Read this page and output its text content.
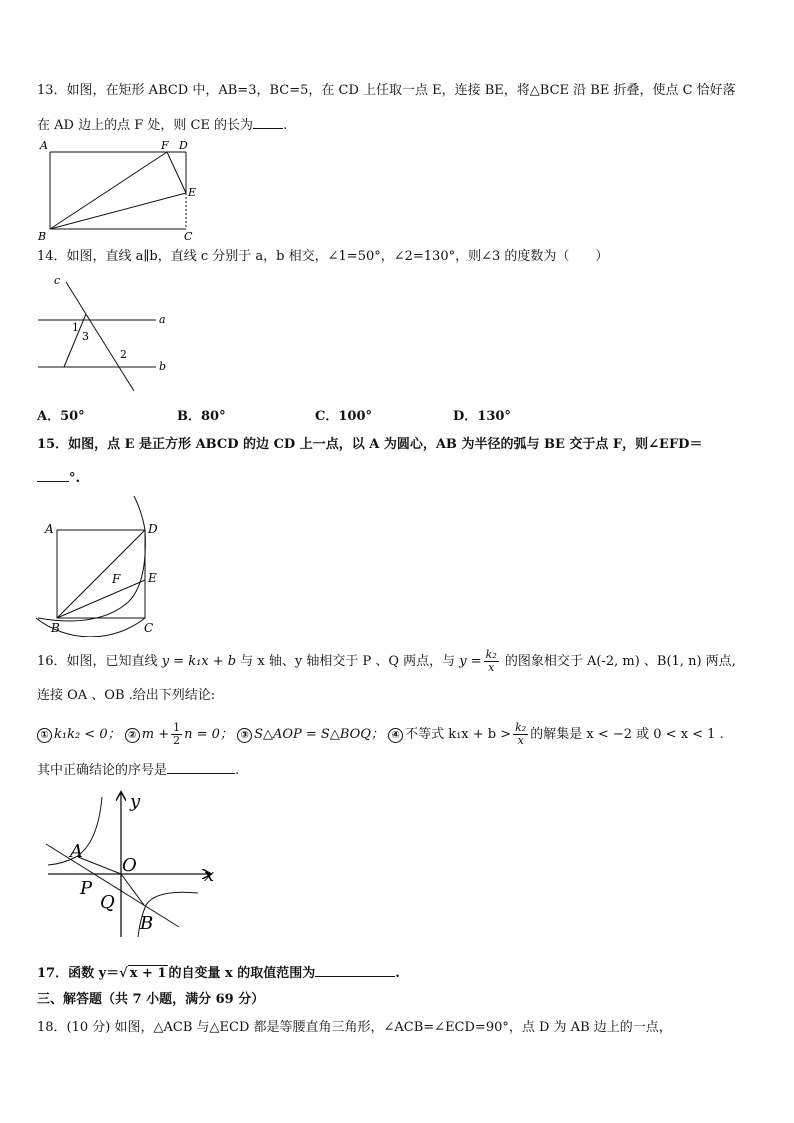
13．如图，在矩形 ABCD 中，AB=3，BC=5，在 CD 上任取一点 E，连接 BE，将△BCE 沿 BE 折叠，使点 C 恰好落
在 AD 边上的点 F 处，则 CE 的长为 .
A	F D
E
B	C
14．如图，直线 a∥b，直线 c 分别于 a，b 相交，∠1=50°，∠2=130°，则∠3 的度数为（　　）
c
a
b
1
3
2
A．50°	B．80°	C．100°	D．130°
15．如图，点 E 是正方形 ABCD 的边 CD 上一点，以 A 为圆心，AB 为半径的弧与 BE 交于点 F，则∠EFD＝
°.
A	D
E
F
B	C
16．如图，已知直线 y = k₁x + b 与 x 轴、y 轴相交于 P 、Q 两点，与 $y = \frac{\text{k₂}}{x}$ 的图象相交于 A(-2, m) 、B(1, n) 两点,
连接 OA 、OB .给出下列结论:
① k₁k₂ < 0； ② $m + \frac{1}{2}$ n = 0； ③ S△AOP = S△BOQ； ④ 不等式 $k_1x + b > \frac{\text{k₂}}{x}$ 的解集是 x < −2 或 0 < x < 1 .
其中正确结论的序号是	.
y
x
O
A
P
Q
B
17．函数 y＝√ x + 1 的自变量 x 的取值范围为	.
三、解答题（共 7 小题，满分 69 分）
18．(10 分) 如图，△ACB 与△ECD 都是等腰直角三角形，∠ACB=∠ECD=90°，点 D 为 AB 边上的一点，
